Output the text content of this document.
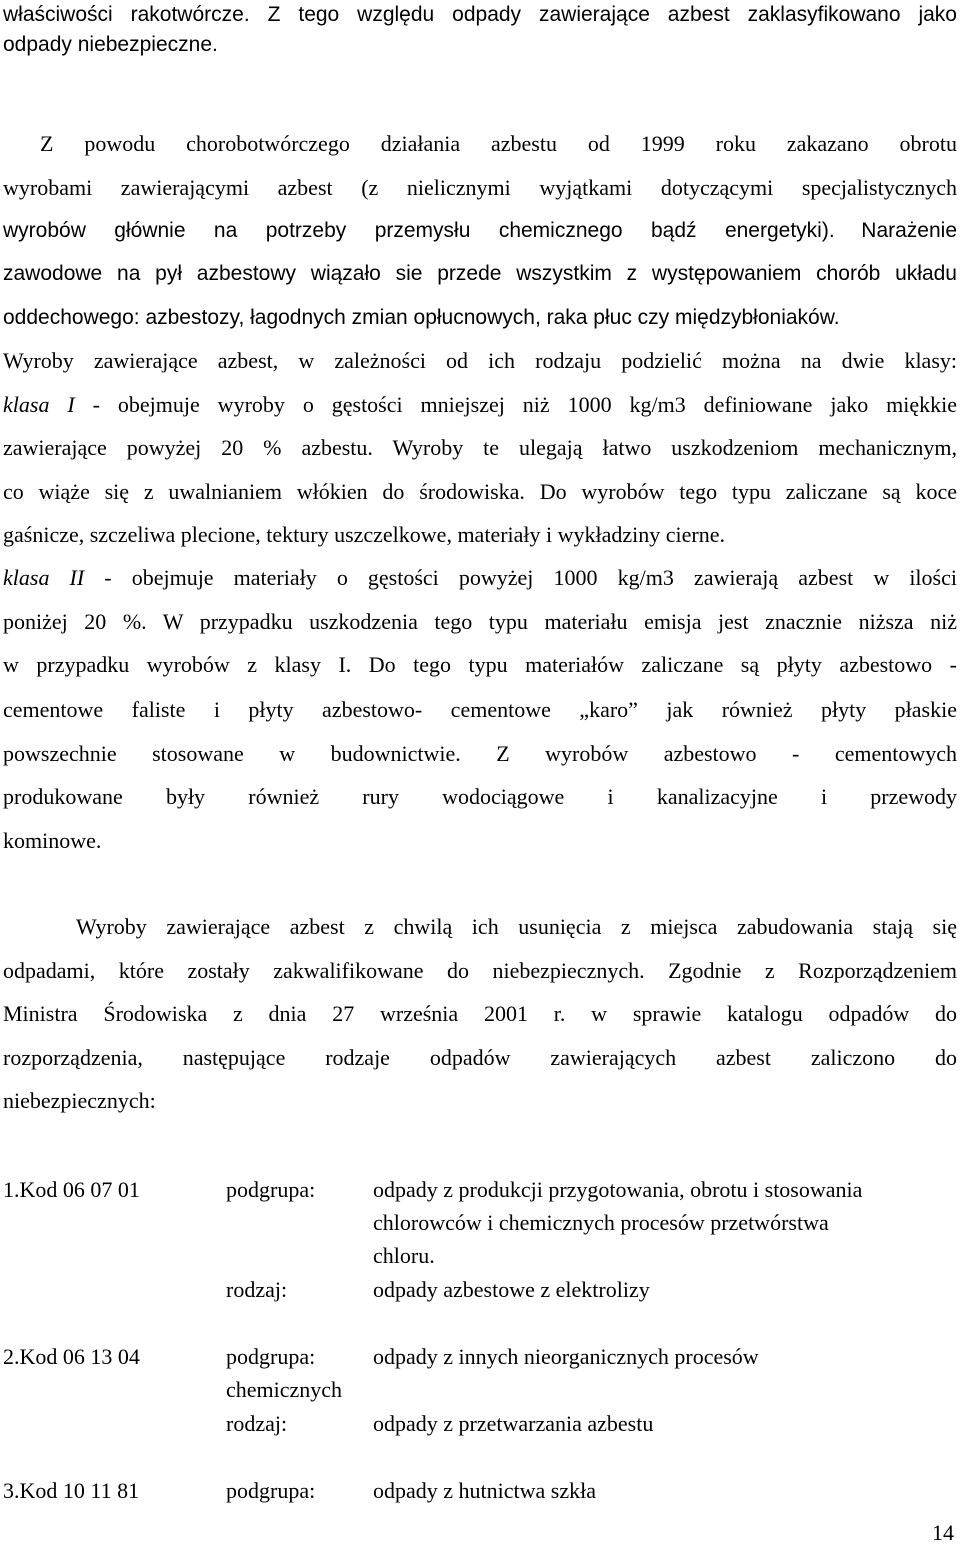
właściwości rakotwórcze. Z tego względu odpady zawierające azbest zaklasyfikowano jako
odpady niebezpieczne.
Z powodu chorobotwórczego działania azbestu od 1999 roku zakazano obrotu
wyrobami zawierającymi azbest (z nielicznymi wyjątkami dotyczącymi specjalistycznych
wyrobów głównie na potrzeby przemysłu chemicznego bądź energetyki). Narażenie
zawodowe na pył azbestowy wiązało sie przede wszystkim z występowaniem chorób układu
oddechowego: azbestozy, łagodnych zmian opłucnowych, raka płuc czy międzybłoniaków.
Wyroby zawierające azbest, w zależności od ich rodzaju podzielić można na dwie klasy:
klasa I - obejmuje wyroby o gęstości mniejszej niż 1000 kg/m3 definiowane jako miękkie
zawierające powyżej 20 % azbestu. Wyroby te ulegają łatwo uszkodzeniom mechanicznym,
co wiąże się z uwalnianiem włókien do środowiska. Do wyrobów tego typu zaliczane są koce
gaśnicze, szczeliwa plecione, tektury uszczelkowe, materiały i wykładziny cierne.
klasa II - obejmuje materiały o gęstości powyżej 1000 kg/m3 zawierają azbest w ilości
poniżej 20 %. W przypadku uszkodzenia tego typu materiału emisja jest znacznie niższa niż
w przypadku wyrobów z klasy I. Do tego typu materiałów zaliczane są płyty azbestowo -
cementowe faliste i płyty azbestowo- cementowe „karo” jak również płyty płaskie
powszechnie stosowane w budownictwie. Z wyrobów azbestowo - cementowych
produkowane były również rury wodociągowe i kanalizacyjne i przewody
kominowe.
Wyroby zawierające azbest z chwilą ich usunięcia z miejsca zabudowania stają się
odpadami, które zostały zakwalifikowane do niebezpiecznych. Zgodnie z Rozporządzeniem
Ministra Środowiska z dnia 27 września 2001 r. w sprawie katalogu odpadów do
rozporządzenia, następujące rodzaje odpadów zawierających azbest zaliczono do
niebezpiecznych:
1.Kod 06 07 01	podgrupa:	odpady z produkcji przygotowania, obrotu i stosowania
chlorowców i chemicznych procesów przetwórstwa
chloru.
rodzaj:	odpady azbestowe z elektrolizy
2.Kod 06 13 04	podgrupa:	odpady z innych nieorganicznych procesów
chemicznych
rodzaj:	odpady z przetwarzania azbestu
3.Kod 10 11 81	podgrupa:	odpady z hutnictwa szkła
14
